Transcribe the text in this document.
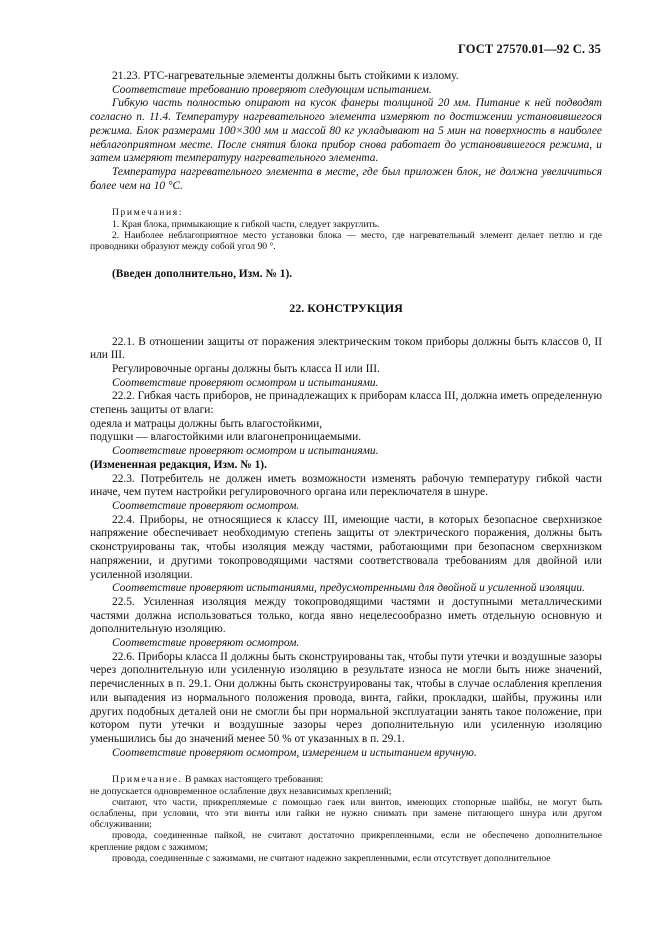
ГОСТ 27570.01—92 С. 35

21.23. PTC-нагревательные элементы должны быть стойкими к излому.

Соответствие требованию проверяют следующим испытанием.

Гибкую часть полностью опирают на кусок фанеры толщиной 20 мм. Питание к ней подводят согласно п. 11.4. Температуру нагревательного элемента измеряют по достижении установившегося режима. Блок размерами 100×300 мм и массой 80 кг укладывают на 5 мин на поверхность в наиболее неблагоприятном месте. После снятия блока прибор снова работает до установившегося режима, и затем измеряют температуру нагревательного элемента.

Температура нагревательного элемента в месте, где был приложен блок, не должна увеличиться более чем на 10 °С.

Примечания:

1. Края блока, примыкающие к гибкой части, следует закруглить.

2. Наиболее неблагоприятное место установки блока — место, где нагревательный элемент делает петлю и где проводники образуют между собой угол 90 °.

(Введен дополнительно, Изм. № 1).

22. КОНСТРУКЦИЯ

22.1. В отношении защиты от поражения электрическим током приборы должны быть классов 0, II или III.

Регулировочные органы должны быть класса II или III.

Соответствие проверяют осмотром и испытаниями.

22.2. Гибкая часть приборов, не принадлежащих к приборам класса III, должна иметь определенную степень защиты от влаги:

одеяла и матрацы должны быть влагостойкими,

подушки — влагостойкими или влагонепроницаемыми.

Соответствие проверяют осмотром и испытаниями.

(Измененная редакция, Изм. № 1).

22.3. Потребитель не должен иметь возможности изменять рабочую температуру гибкой части иначе, чем путем настройки регулировочного органа или переключателя в шнуре.

Соответствие проверяют осмотром.

22.4. Приборы, не относящиеся к классу III, имеющие части, в которых безопасное сверхнизкое напряжение обеспечивает необходимую степень защиты от электрического поражения, должны быть сконструированы так, чтобы изоляция между частями, работающими при безопасном сверхнизком напряжении, и другими токопроводящими частями соответствовала требованиям для двойной или усиленной изоляции.

Соответствие проверяют испытаниями, предусмотренными для двойной и усиленной изоляции.

22.5. Усиленная изоляция между токопроводящими частями и доступными металлическими частями должна использоваться только, когда явно нецелесообразно иметь отдельную основную и дополнительную изоляцию.

Соответствие проверяют осмотром.

22.6. Приборы класса II должны быть сконструированы так, чтобы пути утечки и воздушные зазоры через дополнительную или усиленную изоляцию в результате износа не могли быть ниже значений, перечисленных в п. 29.1. Они должны быть сконструированы так, чтобы в случае ослабления крепления или выпадения из нормального положения провода, винта, гайки, прокладки, шайбы, пружины или других подобных деталей они не смогли бы при нормальной эксплуатации занять такое положение, при котором пути утечки и воздушные зазоры через дополнительную или усиленную изоляцию уменьшились бы до значений менее 50 % от указанных в п. 29.1.

Соответствие проверяют осмотром, измерением и испытанием вручную.

Примечание. В рамках настоящего требования:

не допускается одновременное ослабление двух независимых креплений;

считают, что части, прикрепляемые с помощью гаек или винтов, имеющих стопорные шайбы, не могут быть ослаблены, при условии, что эти винты или гайки не нужно снимать при замене питающего шнура или другом обслуживании;

провода, соединенные пайкой, не считают достаточно прикрепленными, если не обеспечено дополнительное крепление рядом с зажимом;

провода, соединенные с зажимами, не считают надежно закрепленными, если отсутствует дополнительное
